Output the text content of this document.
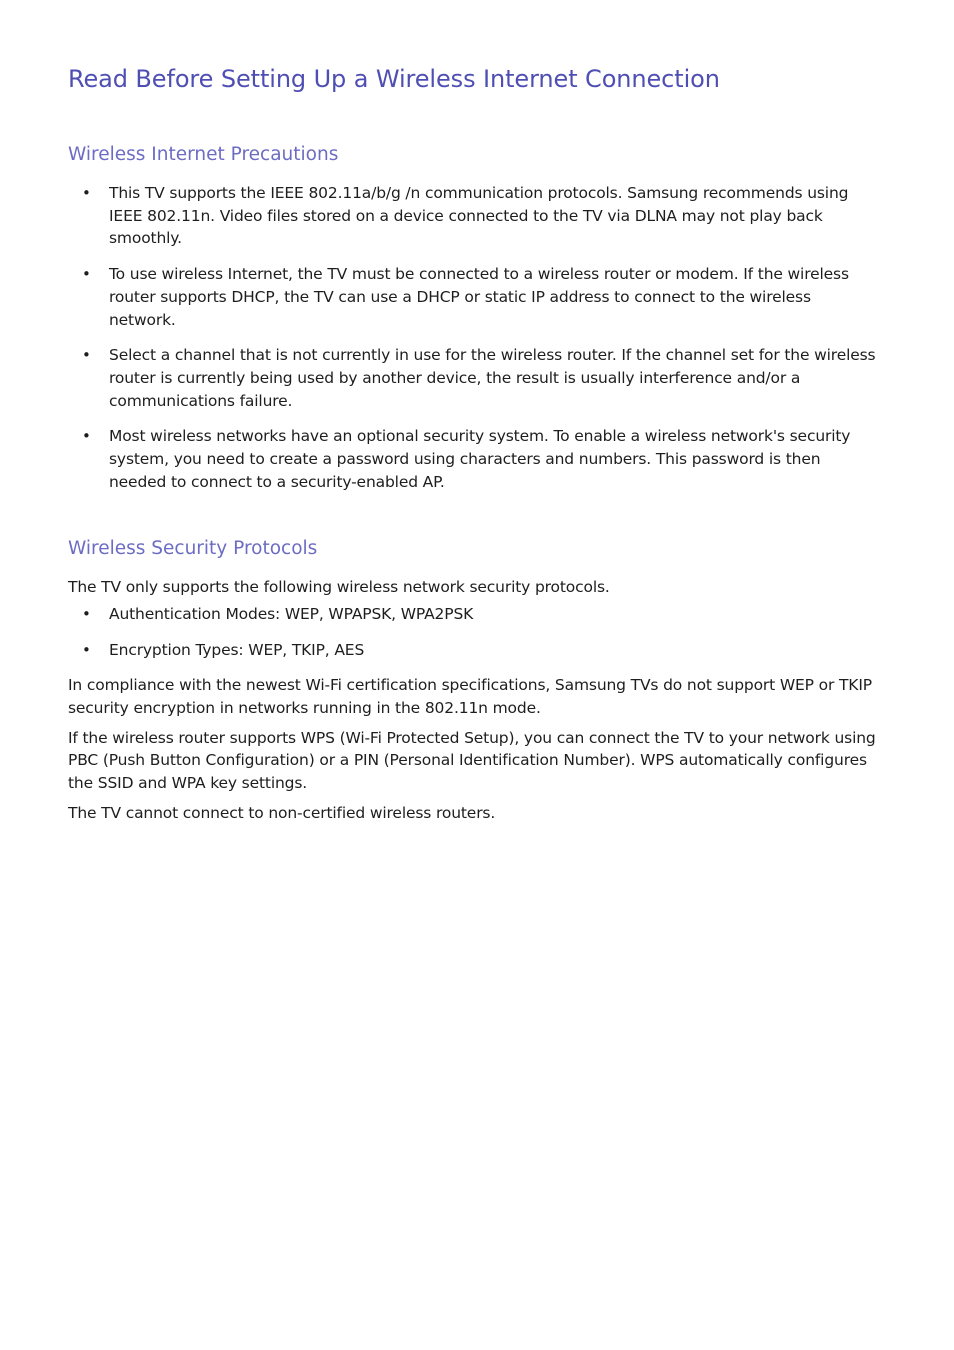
Read Before Setting Up a Wireless Internet Connection
Wireless Internet Precautions
• This TV supports the IEEE 802.11a/b/g /n communication protocols. Samsung recommends using IEEE 802.11n. Video files stored on a device connected to the TV via DLNA may not play back smoothly.
• To use wireless Internet, the TV must be connected to a wireless router or modem. If the wireless router supports DHCP, the TV can use a DHCP or static IP address to connect to the wireless network.
• Select a channel that is not currently in use for the wireless router. If the channel set for the wireless router is currently being used by another device, the result is usually interference and/or a communications failure.
• Most wireless networks have an optional security system. To enable a wireless network's security system, you need to create a password using characters and numbers. This password is then needed to connect to a security-enabled AP.
Wireless Security Protocols

The TV only supports the following wireless network security protocols.

• Authentication Modes: WEP, WPAPSK, WPA2PSK
• Encryption Types: WEP, TKIP, AES

In compliance with the newest Wi-Fi certification specifications, Samsung TVs do not support WEP or TKIP security encryption in networks running in the 802.11n mode.

If the wireless router supports WPS (Wi-Fi Protected Setup), you can connect the TV to your network using PBC (Push Button Configuration) or a PIN (Personal Identification Number). WPS automatically configures the SSID and WPA key settings.

The TV cannot connect to non-certified wireless routers.
